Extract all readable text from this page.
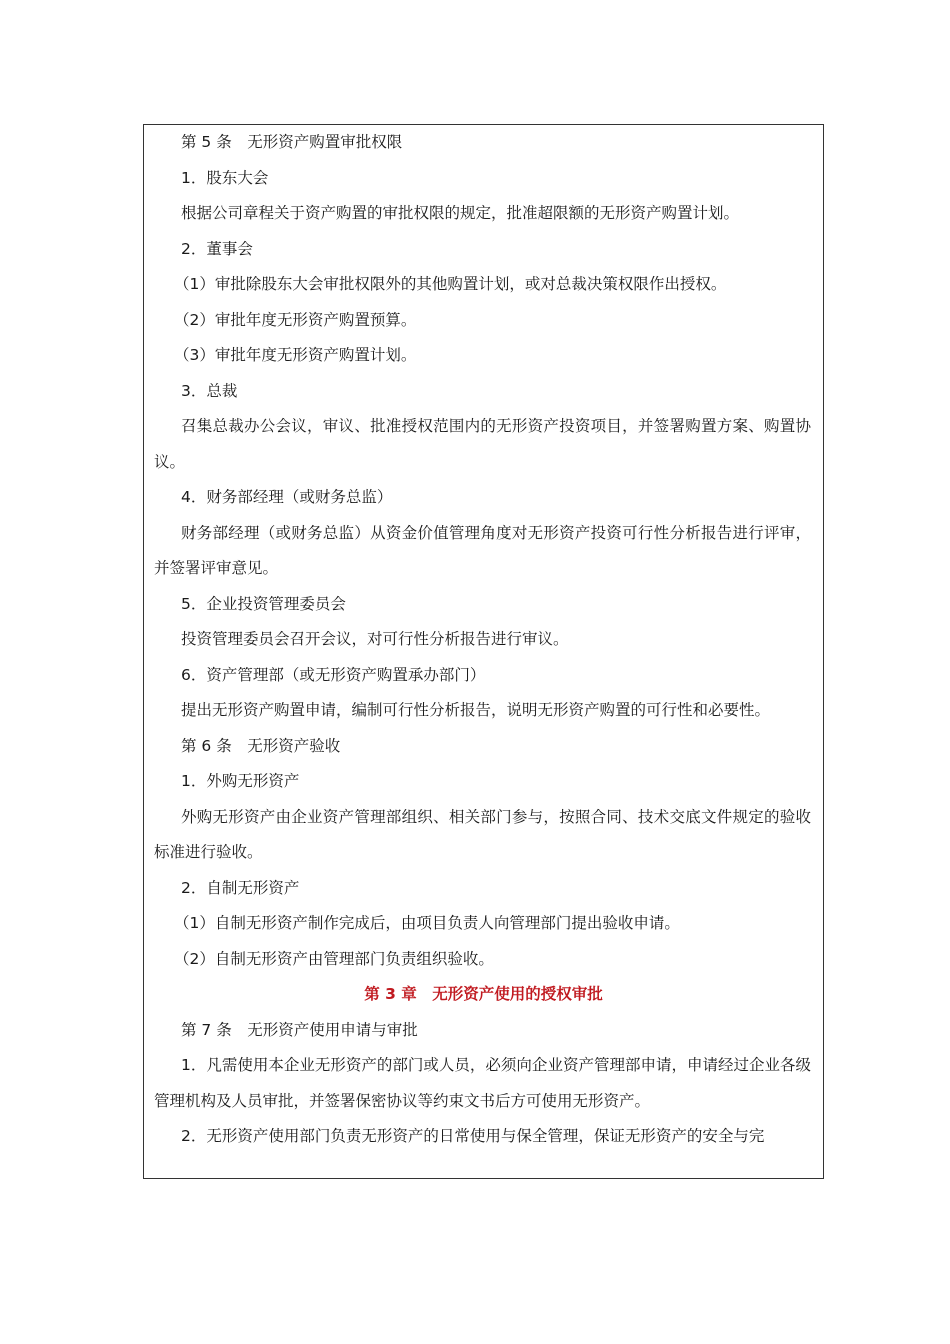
第 5 条　无形资产购置审批权限

1．股东大会

根据公司章程关于资产购置的审批权限的规定，批准超限额的无形资产购置计划。

2．董事会

（1）审批除股东大会审批权限外的其他购置计划，或对总裁决策权限作出授权。

（2）审批年度无形资产购置预算。

（3）审批年度无形资产购置计划。

3．总裁

召集总裁办公会议，审议、批准授权范围内的无形资产投资项目，并签署购置方案、购置协议。

4．财务部经理（或财务总监）

财务部经理（或财务总监）从资金价值管理角度对无形资产投资可行性分析报告进行评审，并签署评审意见。

5．企业投资管理委员会

投资管理委员会召开会议，对可行性分析报告进行审议。

6．资产管理部（或无形资产购置承办部门）

提出无形资产购置申请，编制可行性分析报告，说明无形资产购置的可行性和必要性。

第 6 条　无形资产验收

1．外购无形资产

外购无形资产由企业资产管理部组织、相关部门参与，按照合同、技术交底文件规定的验收标准进行验收。

2．自制无形资产

（1）自制无形资产制作完成后，由项目负责人向管理部门提出验收申请。

（2）自制无形资产由管理部门负责组织验收。

第 3 章　无形资产使用的授权审批

第 7 条　无形资产使用申请与审批

1．凡需使用本企业无形资产的部门或人员，必须向企业资产管理部申请，申请经过企业各级管理机构及人员审批，并签署保密协议等约束文书后方可使用无形资产。

2．无形资产使用部门负责无形资产的日常使用与保全管理，保证无形资产的安全与完
